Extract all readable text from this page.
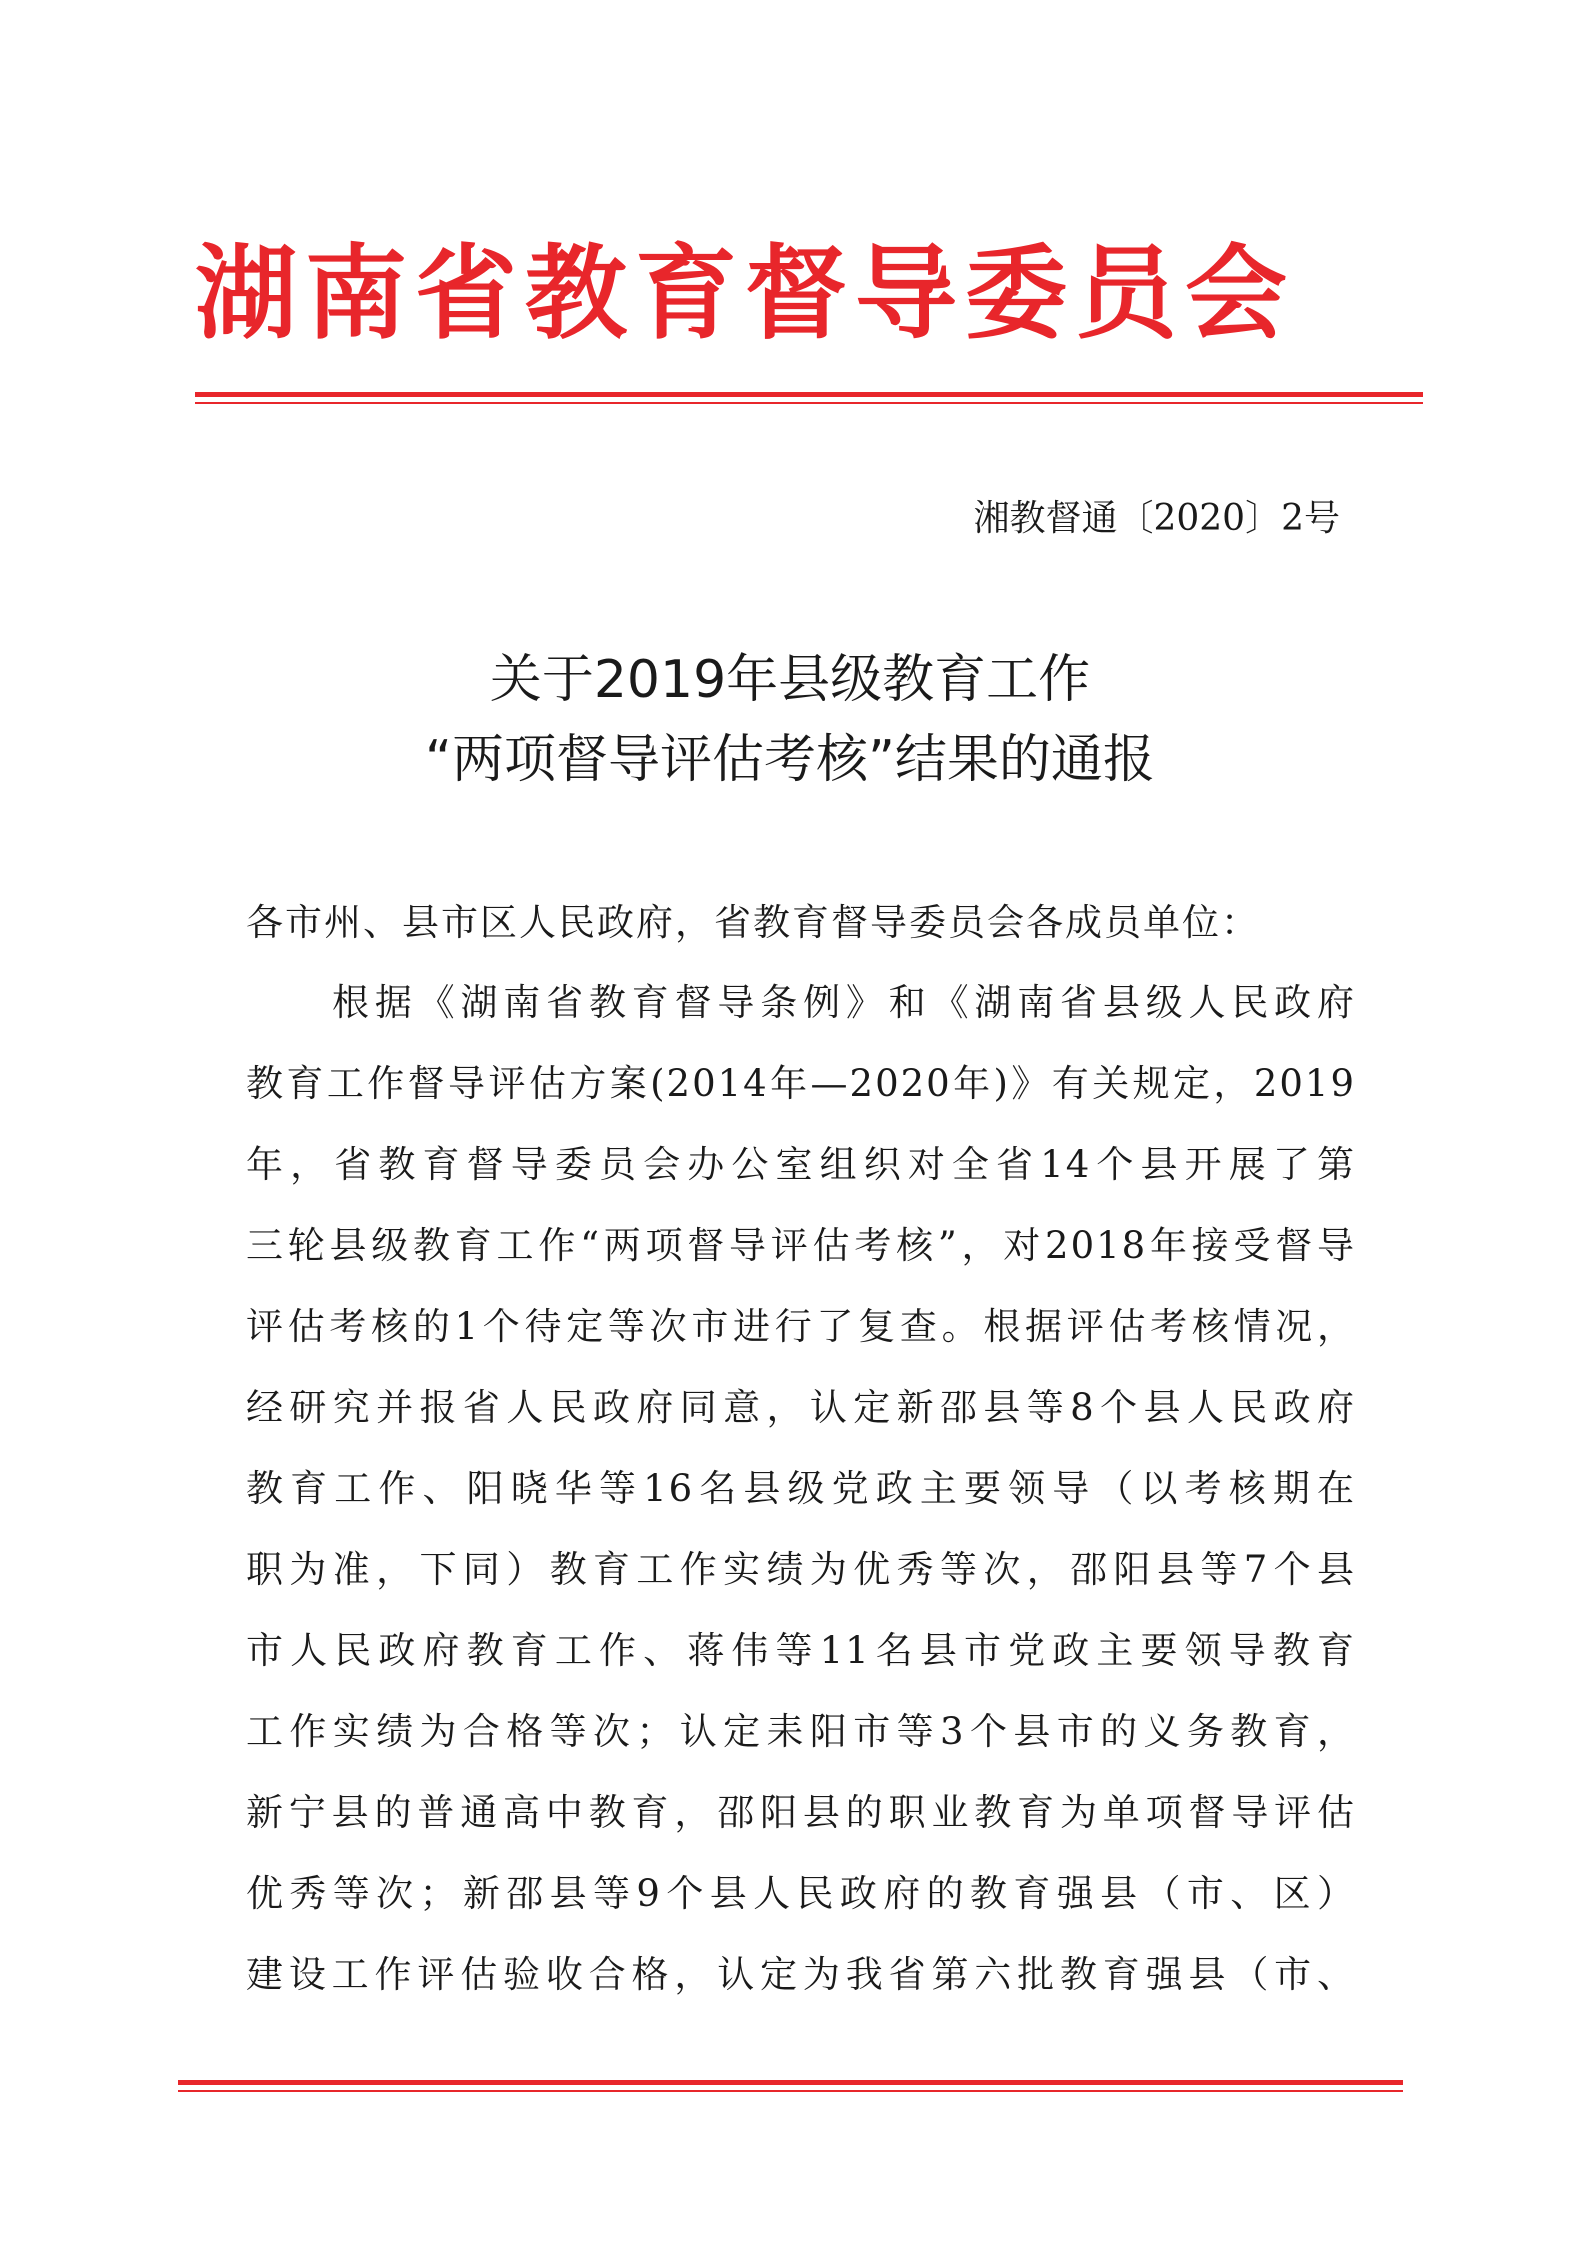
湖南省教育督导委员会
湘教督通〔2020〕2号
关于2019年县级教育工作
“两项督导评估考核”结果的通报
各市州、县市区人民政府，省教育督导委员会各成员单位：
根据《湖南省教育督导条例》和《湖南省县级人民政府
教育工作督导评估方案(2014年—2020年)》有关规定，2019
年，省教育督导委员会办公室组织对全省14个县开展了第
三轮县级教育工作“两项督导评估考核”，对2018年接受督导
评估考核的1个待定等次市进行了复查。根据评估考核情况，
经研究并报省人民政府同意，认定新邵县等8个县人民政府
教育工作、阳晓华等16名县级党政主要领导（以考核期在
职为准，下同）教育工作实绩为优秀等次，邵阳县等7个县
市人民政府教育工作、蒋伟等11名县市党政主要领导教育
工作实绩为合格等次；认定耒阳市等3个县市的义务教育，
新宁县的普通高中教育，邵阳县的职业教育为单项督导评估
优秀等次；新邵县等9个县人民政府的教育强县（市、区）
建设工作评估验收合格，认定为我省第六批教育强县（市、
